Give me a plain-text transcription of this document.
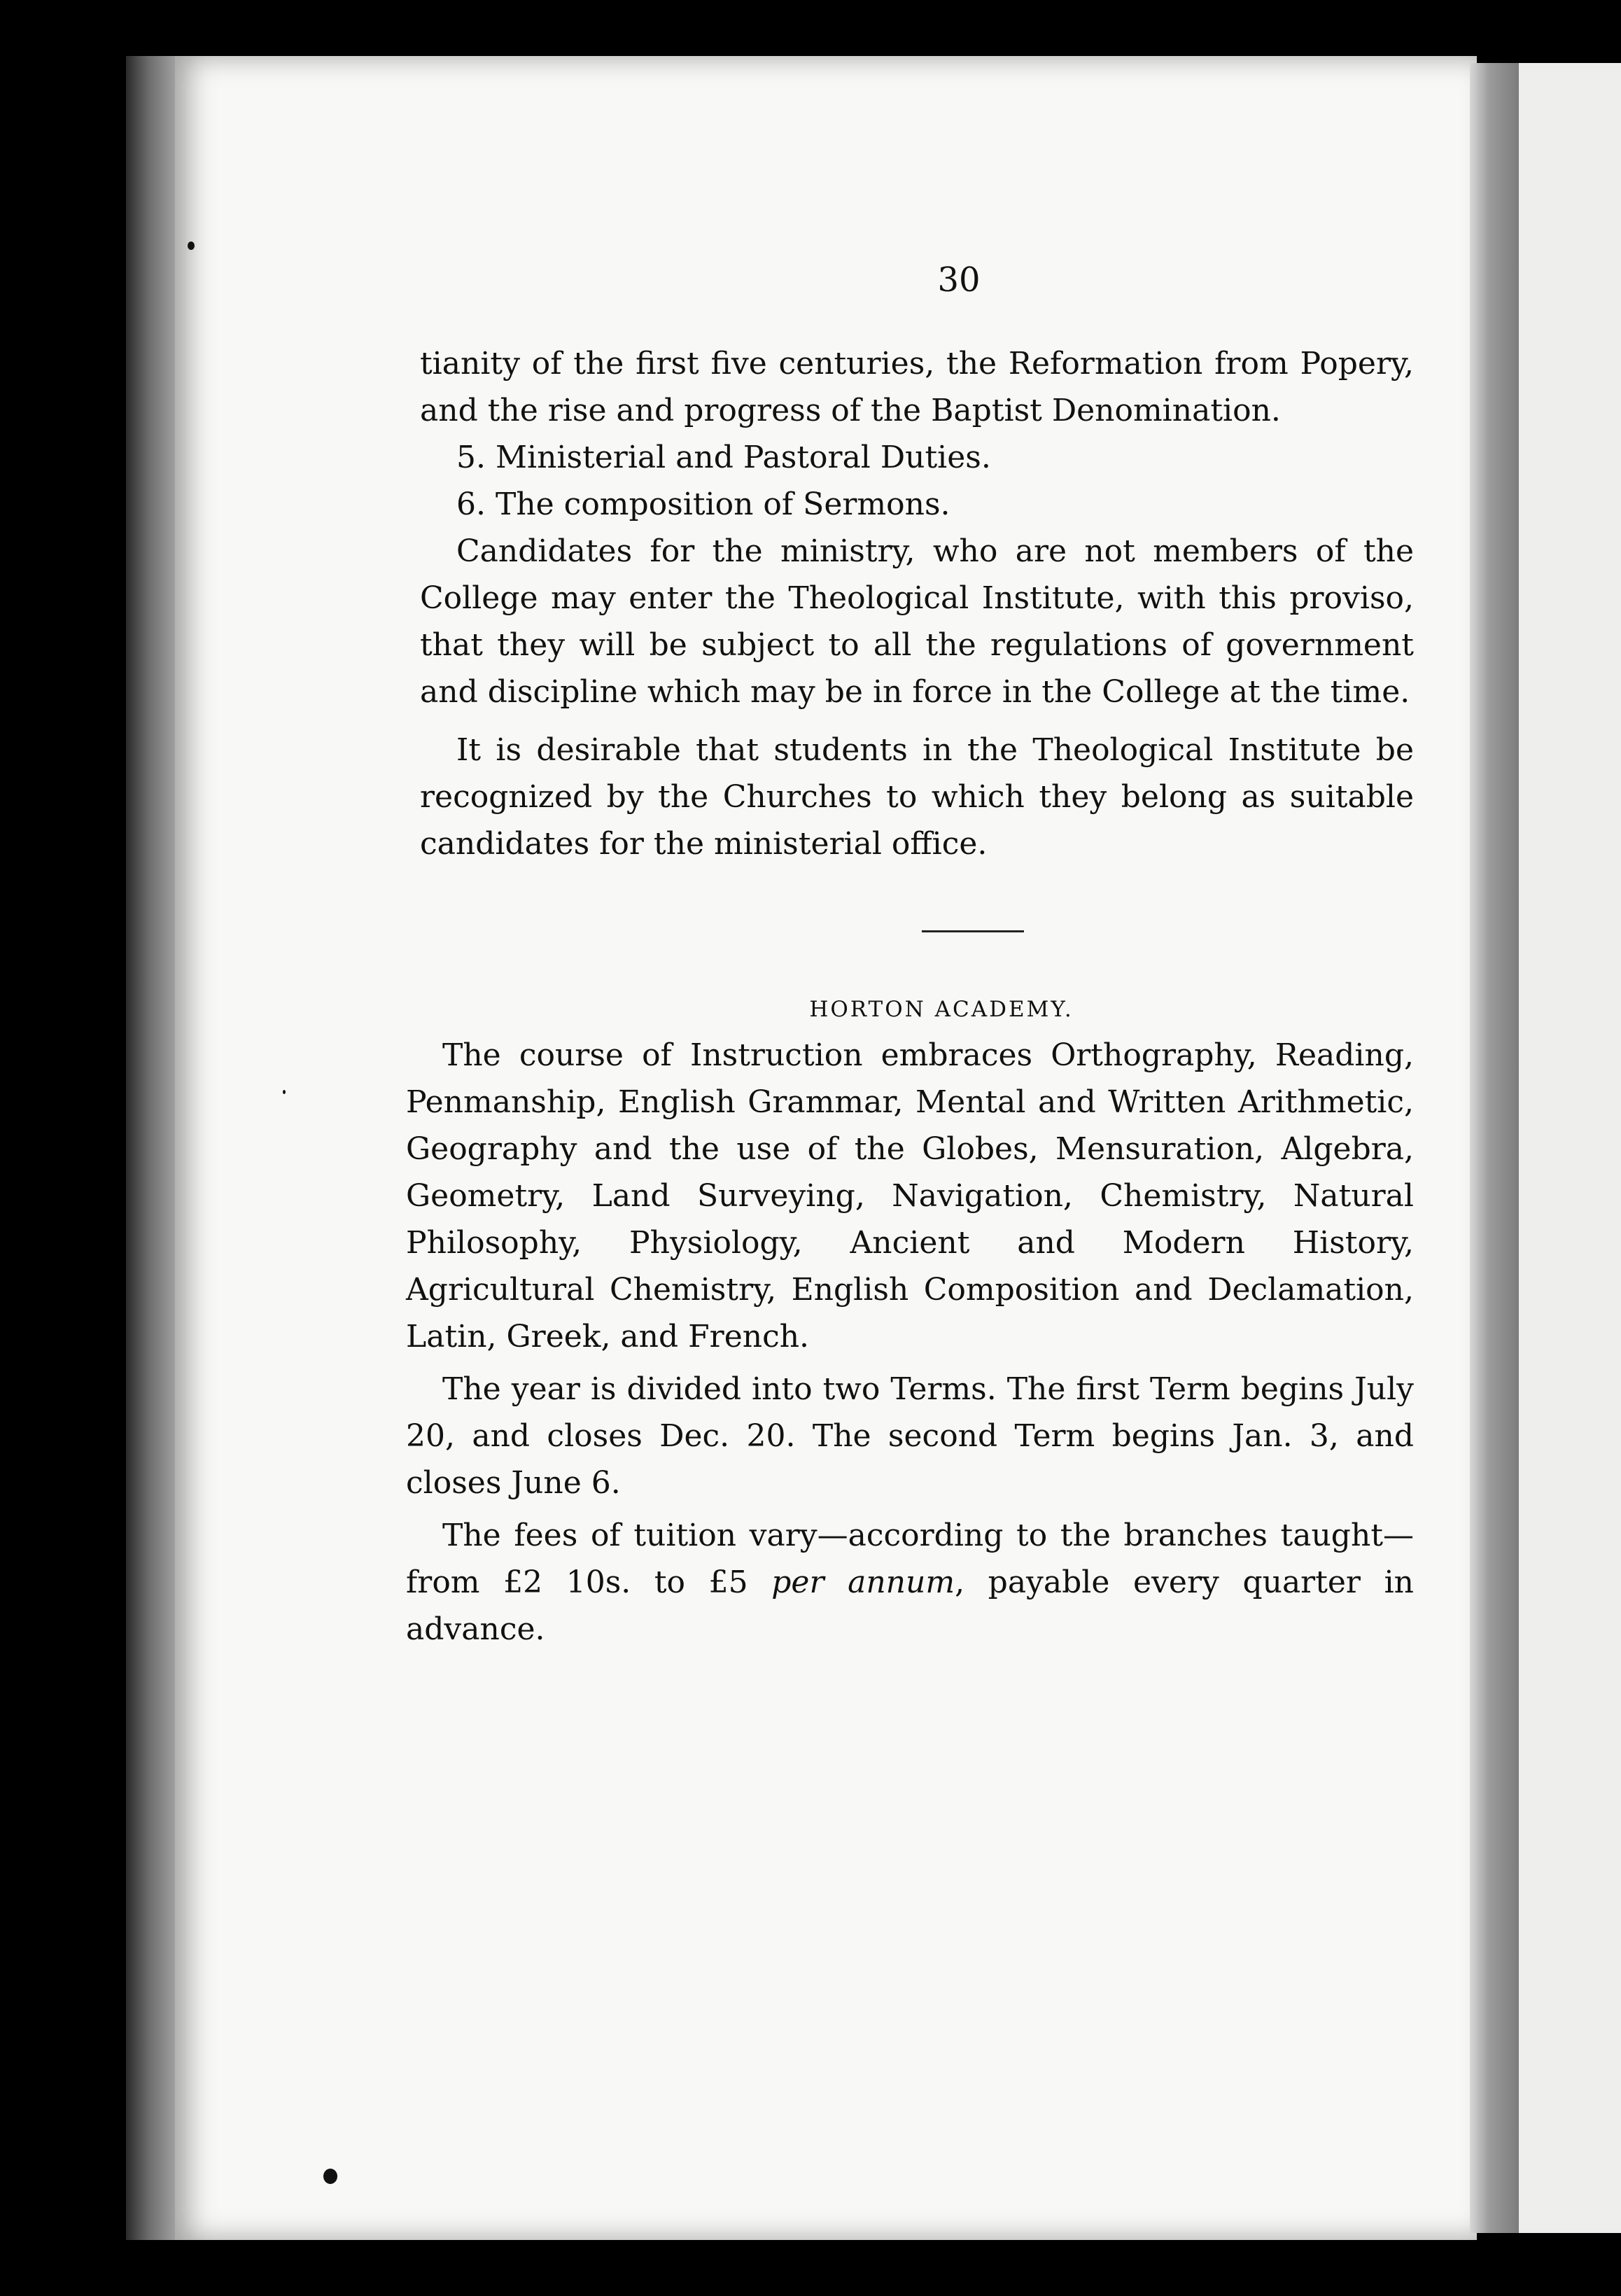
30

tianity of the first five centuries, the Reformation from Popery, and the rise and progress of the Baptist Denomination.

5. Ministerial and Pastoral Duties.

6. The composition of Sermons.

Candidates for the ministry, who are not members of the College may enter the Theological Institute, with this proviso, that they will be subject to all the regulations of government and discipline which may be in force in the College at the time.

It is desirable that students in the Theological Institute be recognized by the Churches to which they belong as suitable candidates for the ministerial office.

HORTON ACADEMY.

The course of Instruction embraces Orthography, Reading, Penmanship, English Grammar, Mental and Written Arithmetic, Geography and the use of the Globes, Mensuration, Algebra, Geometry, Land Surveying, Navigation, Chemistry, Natural Philosophy, Physiology, Ancient and Modern History, Agricultural Chemistry, English Composition and Declamation, Latin, Greek, and French.

The year is divided into two Terms. The first Term begins July 20, and closes Dec. 20. The second Term begins Jan. 3, and closes June 6.

The fees of tuition vary—according to the branches taught—from £2 10s. to £5 per annum, payable every quarter in advance.
